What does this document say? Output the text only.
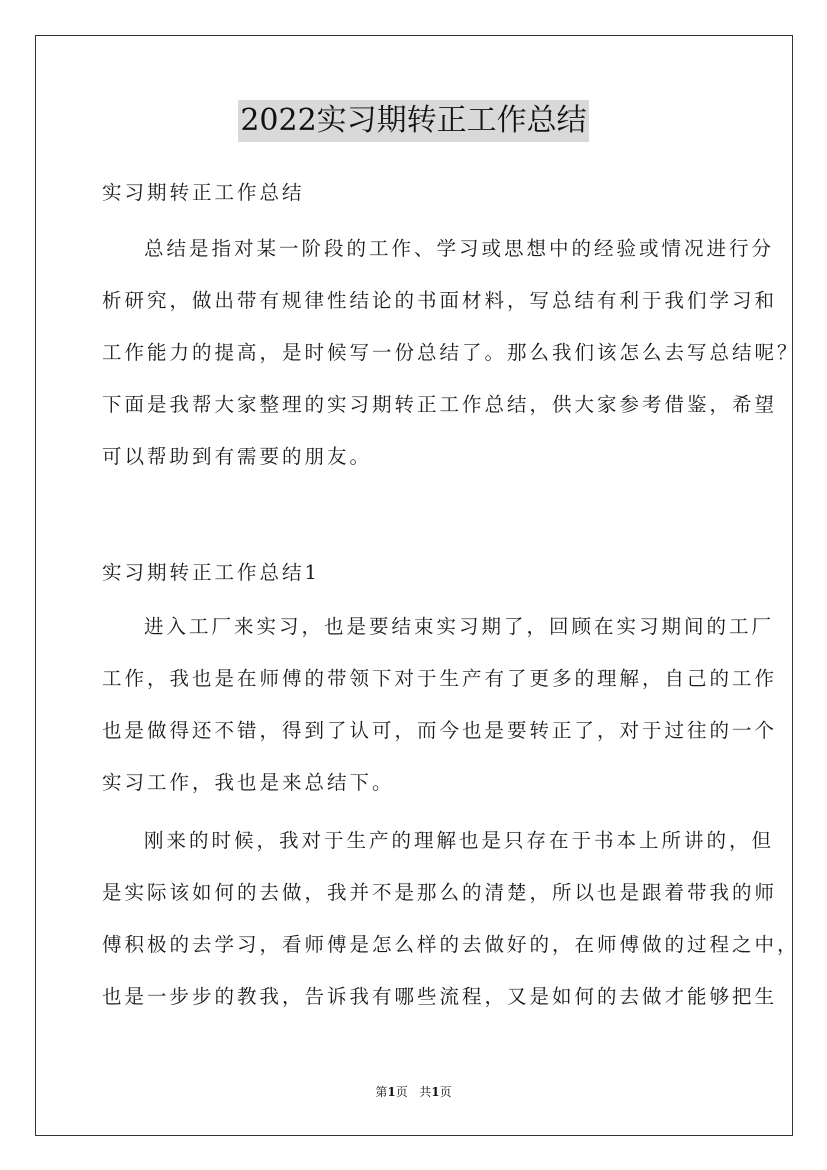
2022实习期转正工作总结
实习期转正工作总结
总结是指对某一阶段的工作、学习或思想中的经验或情况进行分
析研究，做出带有规律性结论的书面材料，写总结有利于我们学习和
工作能力的提高，是时候写一份总结了。那么我们该怎么去写总结呢？
下面是我帮大家整理的实习期转正工作总结，供大家参考借鉴，希望
可以帮助到有需要的朋友。
实习期转正工作总结1
进入工厂来实习，也是要结束实习期了，回顾在实习期间的工厂
工作，我也是在师傅的带领下对于生产有了更多的理解，自己的工作
也是做得还不错，得到了认可，而今也是要转正了，对于过往的一个
实习工作，我也是来总结下。
刚来的时候，我对于生产的理解也是只存在于书本上所讲的，但
是实际该如何的去做，我并不是那么的清楚，所以也是跟着带我的师
傅积极的去学习，看师傅是怎么样的去做好的，在师傅做的过程之中，
也是一步步的教我，告诉我有哪些流程，又是如何的去做才能够把生
第1页 共1页
